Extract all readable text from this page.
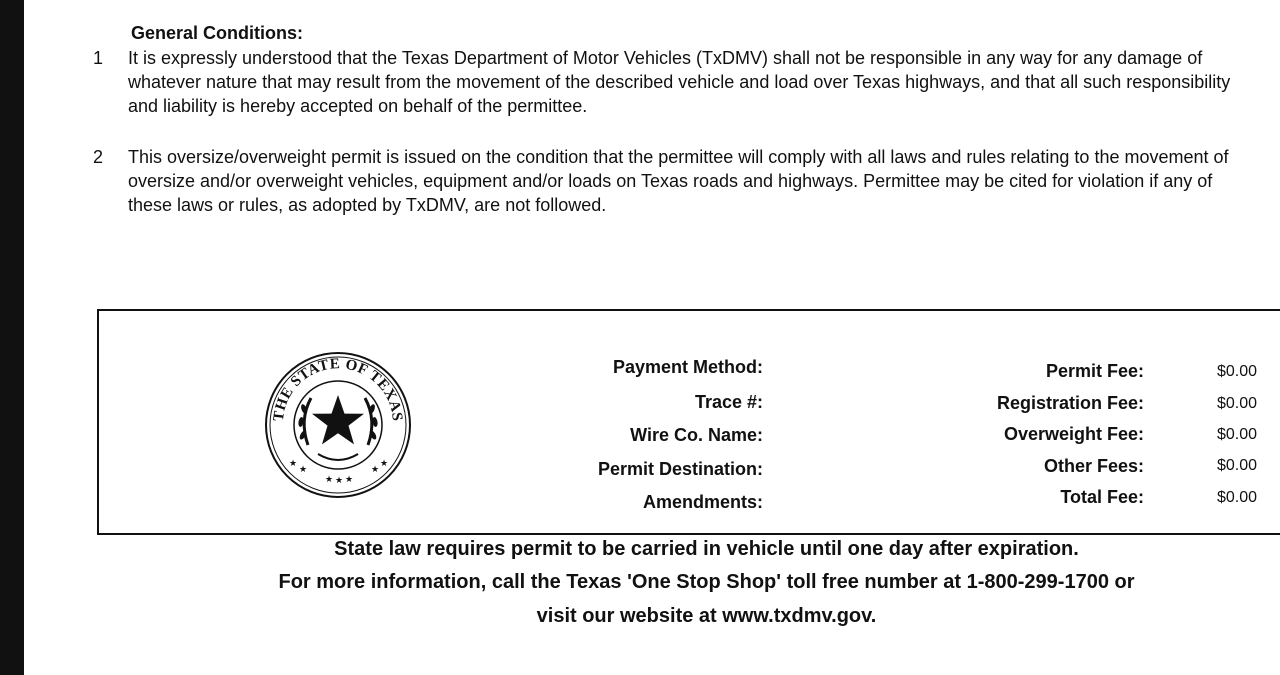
General Conditions:
1 It is expressly understood that the Texas Department of Motor Vehicles (TxDMV) shall not be responsible in any way for any damage of whatever nature that may result from the movement of the described vehicle and load over Texas highways, and that all such responsibility and liability is hereby accepted on behalf of the permittee.
2 This oversize/overweight permit is issued on the condition that the permittee will comply with all laws and rules relating to the movement of oversize and/or overweight vehicles, equipment and/or loads on Texas roads and highways. Permittee may be cited for violation if any of these laws or rules, as adopted by TxDMV, are not followed.
THE STATE OF TEXAS
★
★
★ ★ ★
★
★
Payment Method:
Trace #:
Wire Co. Name:
Permit Destination:
Amendments:
Permit Fee:
Registration Fee:
Overweight Fee:
Other Fees:
Total Fee:
$0.00
$0.00
$0.00
$0.00
$0.00
State law requires permit to be carried in vehicle until one day after expiration.
For more information, call the Texas 'One Stop Shop' toll free number at 1-800-299-1700 or
visit our website at www.txdmv.gov.
